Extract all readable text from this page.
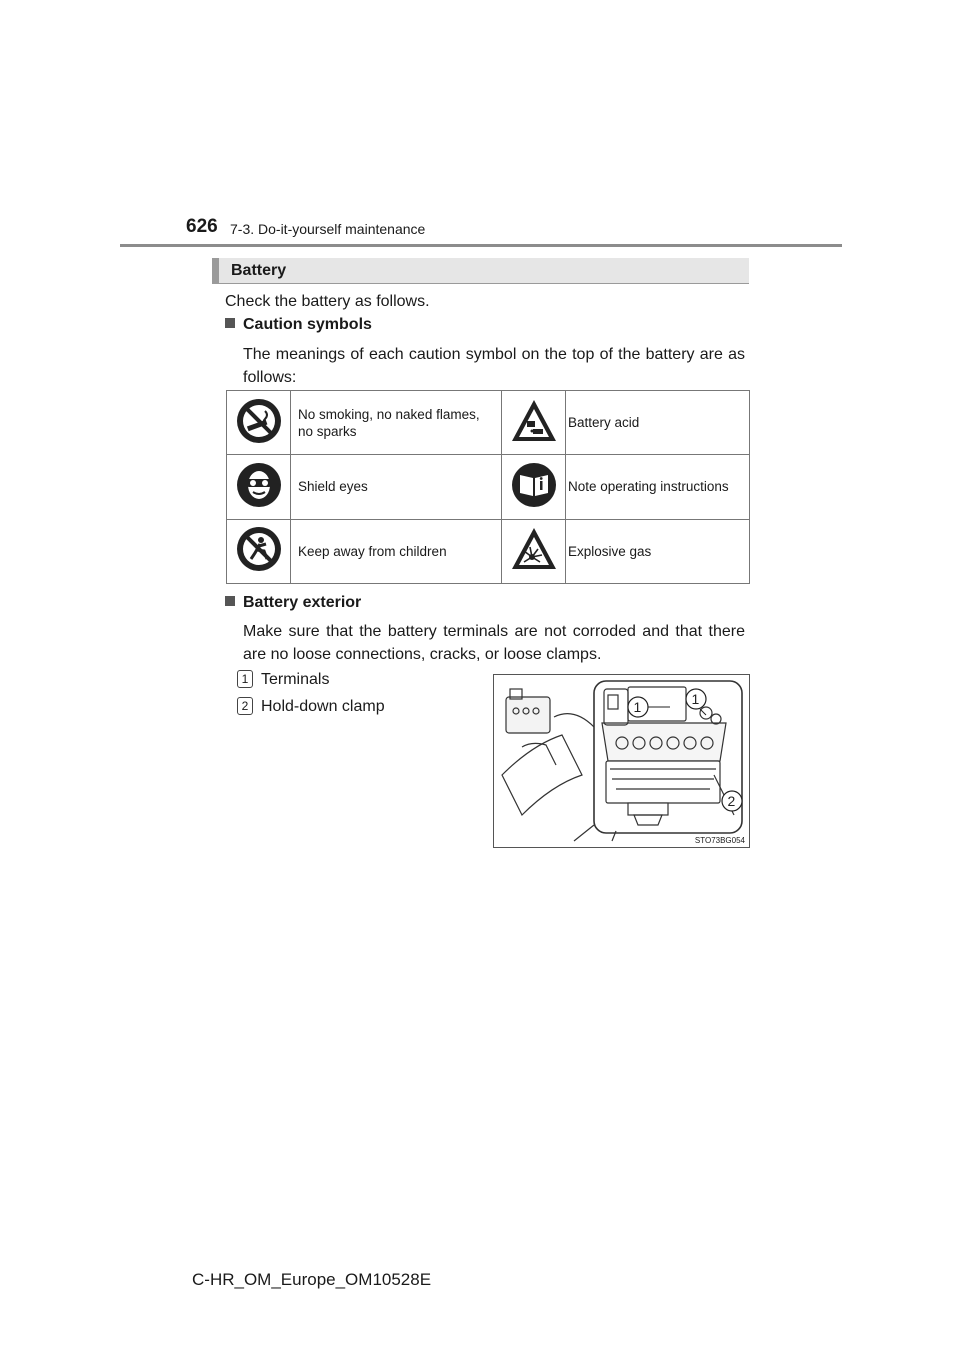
626 7-3. Do-it-yourself maintenance
Battery
Check the battery as follows.
Caution symbols
The meanings of each caution symbol on the top of the battery are as follows:
	No smoking, no naked flames, no sparks		Battery acid
	Shield eyes		Note operating instructions
	Keep away from children		Explosive gas
Battery exterior
Make sure that the battery terminals are not corroded and that there are no loose connections, cracks, or loose clamps.
1 Terminals
2 Hold-down clamp	1	1
2
STO73BG054
C-HR_OM_Europe_OM10528E
